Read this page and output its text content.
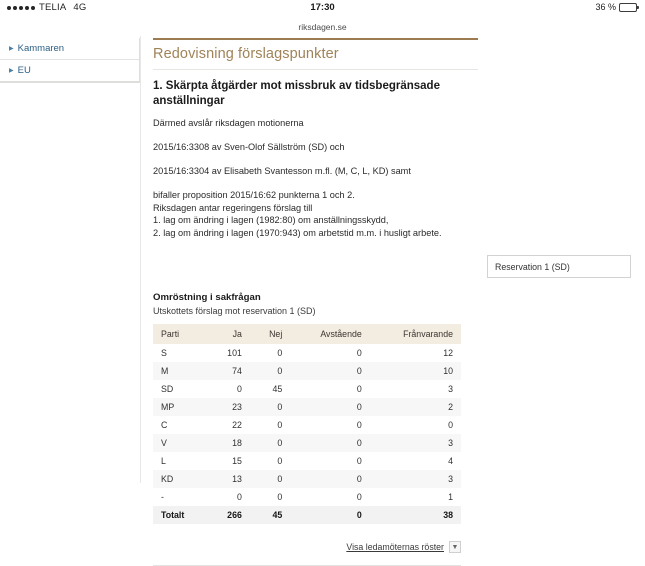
TELIA 4G	17:30	36 %
riksdagen.se
▶ Kammaren
▶ EU
Redovisning förslagspunkter
1. Skärpta åtgärder mot missbruk av tidsbegränsade anställningar

Därmed avslår riksdagen motionerna

2015/16:3308 av Sven-Olof Sällström (SD) och

2015/16:3304 av Elisabeth Svantesson m.fl. (M, C, L, KD) samt

bifaller proposition 2015/16:62 punkterna 1 och 2.
Riksdagen antar regeringens förslag till
1. lag om ändring i lagen (1982:80) om anställningsskydd,
2. lag om ändring i lagen (1970:943) om arbetstid m.m. i husligt arbete.
Reservation 1 (SD)
Omröstning i sakfrågan
Utskottets förslag mot reservation 1 (SD)
Parti	Ja	Nej	Avstående	Frånvarande
S	101	0	0	12
M	74	0	0	10
SD	0	45	0	3
MP	23	0	0	2
C	22	0	0	0
V	18	0	0	3
L	15	0	0	4
KD	13	0	0	3
-	0	0	0	1
Totalt	266	45	0	38
Visa ledamöternas röster	▼
